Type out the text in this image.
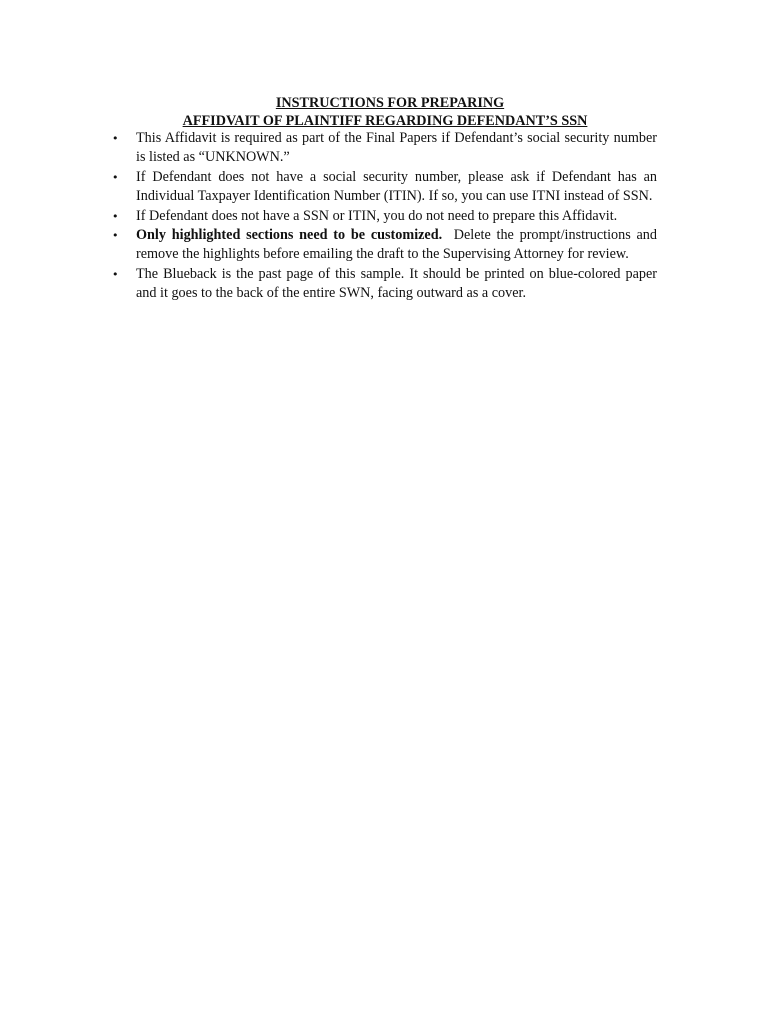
INSTRUCTIONS FOR PREPARING
AFFIDVAIT OF PLAINTIFF REGARDING DEFENDANT’S SSN
•	This Affidavit is required as part of the Final Papers if Defendant’s social security number is listed as “UNKNOWN.”
•	If Defendant does not have a social security number, please ask if Defendant has an Individual Taxpayer Identification Number (ITIN). If so, you can use ITNI instead of SSN.
•	If Defendant does not have a SSN or ITIN, you do not need to prepare this Affidavit.
•	Only highlighted sections need to be customized.  Delete the prompt/instructions and remove the highlights before emailing the draft to the Supervising Attorney for review.
•	The Blueback is the past page of this sample. It should be printed on blue-colored paper and it goes to the back of the entire SWN, facing outward as a cover.
